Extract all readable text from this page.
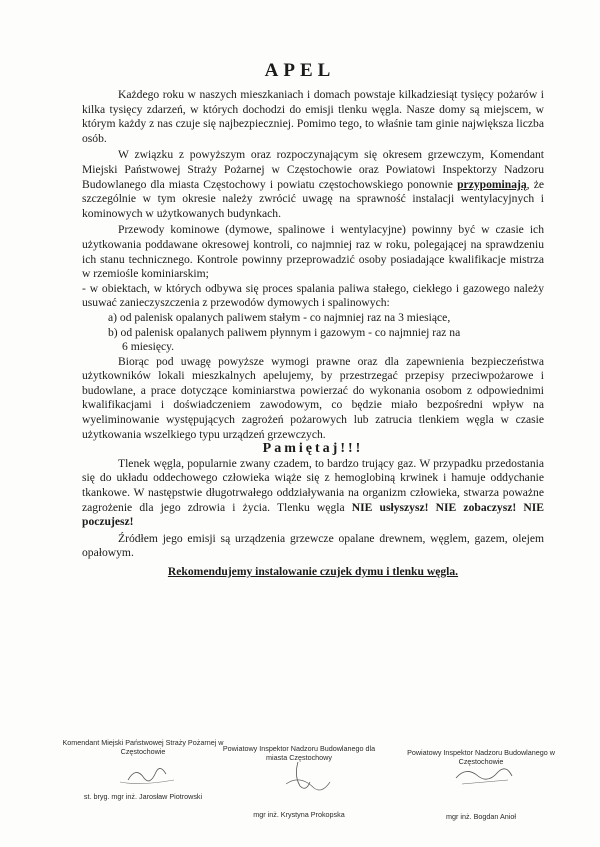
APEL

Każdego roku w naszych mieszkaniach i domach powstaje kilkadziesiąt tysięcy pożarów i kilka tysięcy zdarzeń, w których dochodzi do emisji tlenku węgla. Nasze domy są miejscem, w którym każdy z nas czuje się najbezpieczniej. Pomimo tego, to właśnie tam ginie największa liczba osób.

W związku z powyższym oraz rozpoczynającym się okresem grzewczym, Komendant Miejski Państwowej Straży Pożarnej w Częstochowie oraz Powiatowi Inspektorzy Nadzoru Budowlanego dla miasta Częstochowy i powiatu częstochowskiego ponownie przypominają, że szczególnie w tym okresie należy zwrócić uwagę na sprawność instalacji wentylacyjnych i kominowych w użytkowanych budynkach.

Przewody kominowe (dymowe, spalinowe i wentylacyjne) powinny być w czasie ich użytkowania poddawane okresowej kontroli, co najmniej raz w roku, polegającej na sprawdzeniu ich stanu technicznego. Kontrole powinny przeprowadzić osoby posiadające kwalifikacje mistrza w rzemiośle kominiarskim;

- w obiektach, w których odbywa się proces spalania paliwa stałego, ciekłego i gazowego należy usuwać zanieczyszczenia z przewodów dymowych i spalinowych:

a) od palenisk opalanych paliwem stałym - co najmniej raz na 3 miesiące,

b) od palenisk opalanych paliwem płynnym i gazowym - co najmniej raz na

6 miesięcy.

Biorąc pod uwagę powyższe wymogi prawne oraz dla zapewnienia bezpieczeństwa użytkowników lokali mieszkalnych apelujemy, by przestrzegać przepisy przeciwpożarowe i budowlane, a prace dotyczące kominiarstwa powierzać do wykonania osobom z odpowiednimi kwalifikacjami i doświadczeniem zawodowym, co będzie miało bezpośredni wpływ na wyeliminowanie występujących zagrożeń pożarowych lub zatrucia tlenkiem węgla w czasie użytkowania wszelkiego typu urządzeń grzewczych.

Pamiętaj!!!

Tlenek węgla, popularnie zwany czadem, to bardzo trujący gaz. W przypadku przedostania się do układu oddechowego człowieka wiąże się z hemoglobiną krwinek i hamuje oddychanie tkankowe. W następstwie długotrwałego oddziaływania na organizm człowieka, stwarza poważne zagrożenie dla jego zdrowia i życia. Tlenku węgla NIE usłyszysz! NIE zobaczysz! NIE poczujesz!

Źródłem jego emisji są urządzenia grzewcze opalane drewnem, węglem, gazem, olejem opałowym.

Rekomendujemy instalowanie czujek dymu i tlenku węgla.

Komendant Miejski Państwowej Straży Pożarnej w Częstochowie
st. bryg. mgr inż. Jarosław Piotrowski
Powiatowy Inspektor Nadzoru Budowlanego dla miasta Częstochowy
mgr inż. Krystyna Prokopska
Powiatowy Inspektor Nadzoru Budowlanego w Częstochowie
mgr inż. Bogdan Anioł
